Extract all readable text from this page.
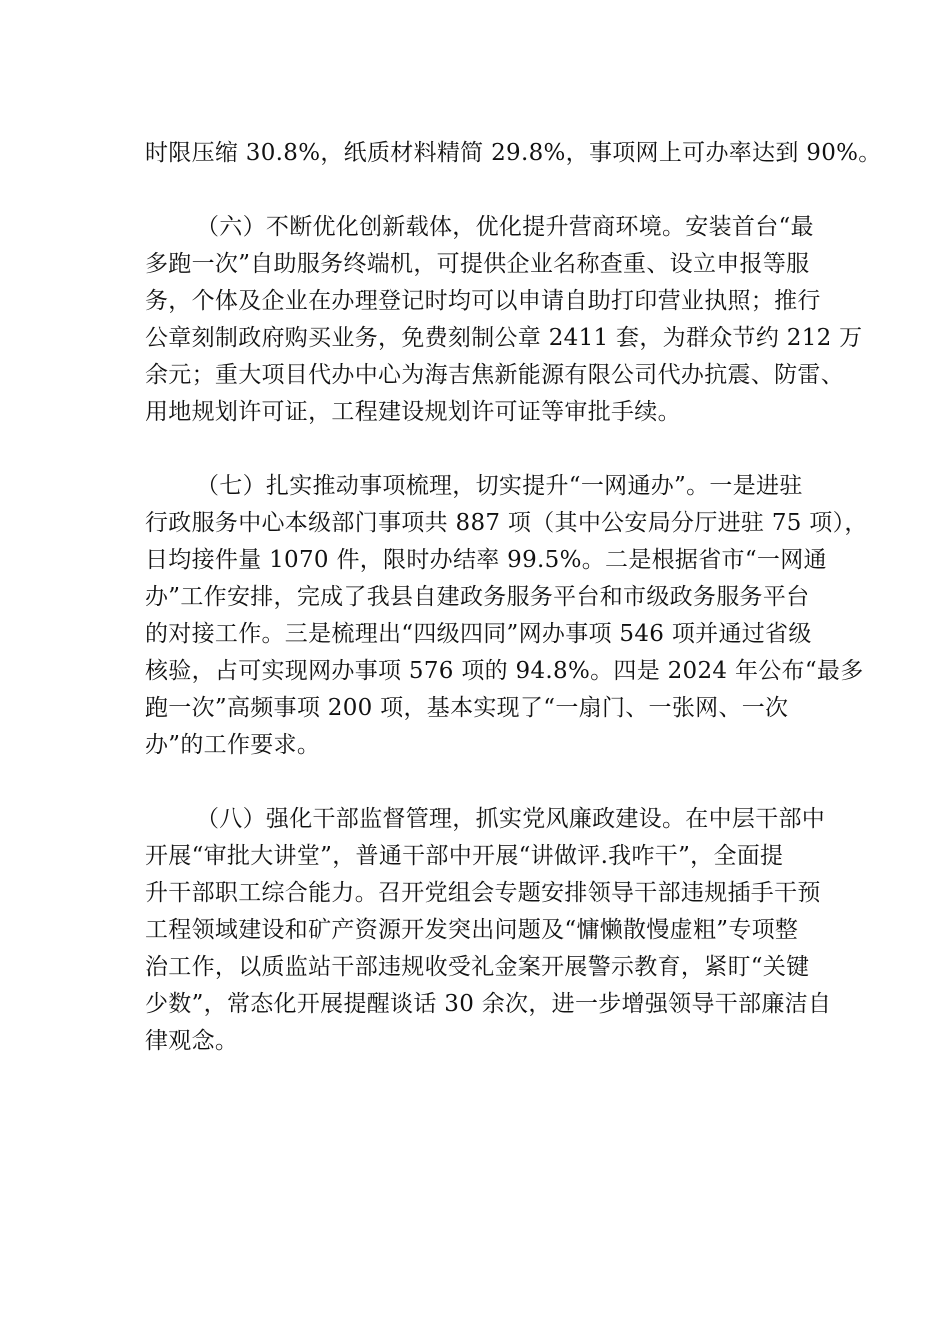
时限压缩 30.8%，纸质材料精简 29.8%，事项网上可办率达到 90%。
（六）不断优化创新载体，优化提升营商环境。安装首台“最
多跑一次”自助服务终端机，可提供企业名称查重、设立申报等服
务，个体及企业在办理登记时均可以申请自助打印营业执照；推行
公章刻制政府购买业务，免费刻制公章 2411 套，为群众节约 212 万
余元；重大项目代办中心为海吉焦新能源有限公司代办抗震、防雷、
用地规划许可证，工程建设规划许可证等审批手续。
（七）扎实推动事项梳理，切实提升“一网通办”。一是进驻
行政服务中心本级部门事项共 887 项（其中公安局分厅进驻 75 项），
日均接件量 1070 件，限时办结率 99.5%。二是根据省市“一网通
办”工作安排，完成了我县自建政务服务平台和市级政务服务平台
的对接工作。三是梳理出“四级四同”网办事项 546 项并通过省级
核验，占可实现网办事项 576 项的 94.8%。四是 2024 年公布“最多
跑一次”高频事项 200 项，基本实现了“一扇门、一张网、一次
办”的工作要求。
（八）强化干部监督管理，抓实党风廉政建设。在中层干部中
开展“审批大讲堂”，普通干部中开展“讲做评.我咋干”，全面提
升干部职工综合能力。召开党组会专题安排领导干部违规插手干预
工程领域建设和矿产资源开发突出问题及“慵懒散慢虚粗”专项整
治工作，以质监站干部违规收受礼金案开展警示教育，紧盯“关键
少数”，常态化开展提醒谈话 30 余次，进一步增强领导干部廉洁自
律观念。
